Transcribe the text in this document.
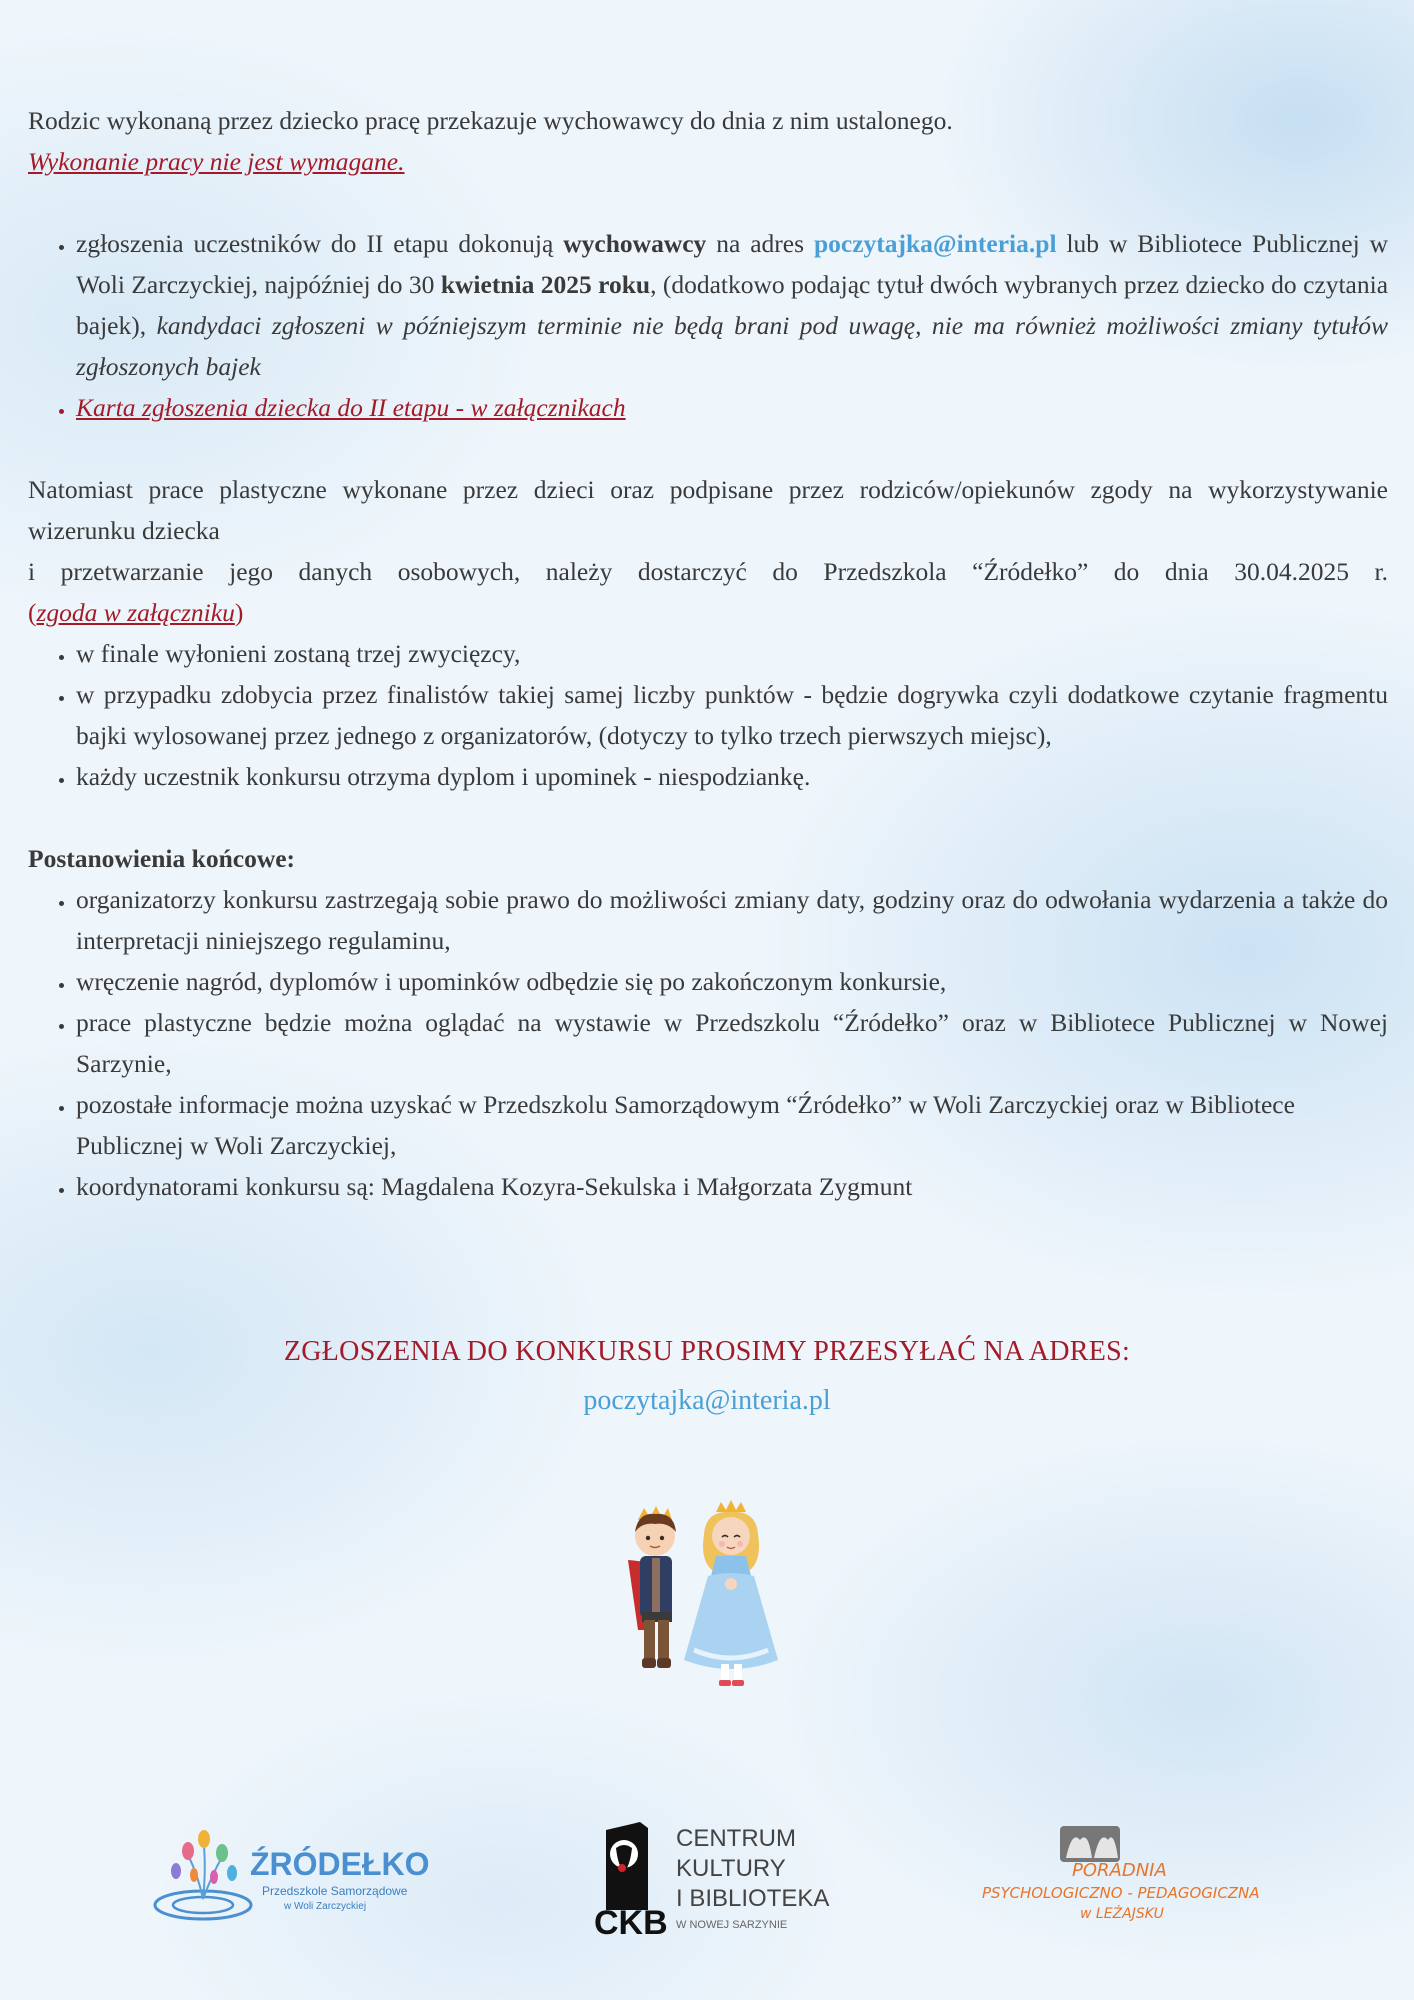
Rodzic wykonaną przez dziecko pracę przekazuje wychowawcy do dnia z nim ustalonego.

Wykonanie pracy nie jest wymagane.

• zgłoszenia uczestników do II etapu dokonują wychowawcy na adres poczytajka@interia.pl lub w Bibliotece Publicznej w Woli Zarczyckiej, najpóźniej do 30 kwietnia 2025 roku, (dodatkowo podając tytuł dwóch wybranych przez dziecko do czytania bajek), kandydaci zgłoszeni w późniejszym terminie nie będą brani pod uwagę, nie ma również możliwości zmiany tytułów zgłoszonych bajek
• Karta zgłoszenia dziecka do II etapu - w załącznikach

Natomiast prace plastyczne wykonane przez dzieci oraz podpisane przez rodziców/opiekunów zgody na wykorzystywanie wizerunku dziecka

i przetwarzanie jego danych osobowych, należy dostarczyć do Przedszkola “Źródełko” do dnia 30.04.2025 r.

(zgoda w załączniku)

• w finale wyłonieni zostaną trzej zwycięzcy,
• w przypadku zdobycia przez finalistów takiej samej liczby punktów - będzie dogrywka czyli dodatkowe czytanie fragmentu bajki wylosowanej przez jednego z organizatorów, (dotyczy to tylko trzech pierwszych miejsc),
• każdy uczestnik konkursu otrzyma dyplom i upominek - niespodziankę.

Postanowienia końcowe:

• organizatorzy konkursu zastrzegają sobie prawo do możliwości zmiany daty, godziny oraz do odwołania wydarzenia a także do interpretacji niniejszego regulaminu,
• wręczenie nagród, dyplomów i upominków odbędzie się po zakończonym konkursie,
• prace plastyczne będzie można oglądać na wystawie w Przedszkolu “Źródełko” oraz w Bibliotece Publicznej w Nowej Sarzynie,
• pozostałe informacje można uzyskać w Przedszkolu Samorządowym “Źródełko” w Woli Zarczyckiej oraz w Bibliotece Publicznej w Woli Zarczyckiej,
• koordynatorami konkursu są: Magdalena Kozyra-Sekulska i Małgorzata Zygmunt
ZGŁOSZENIA DO KONKURSU PROSIMY PRZESYŁAĆ NA ADRES:
poczytajka@interia.pl
ŹRÓDEŁKO
Przedszkole Samorządowe
w Woli Zarczyckiej	CKB
CENTRUM
KULTURY
I BIBLIOTEKA
W NOWEJ SARZYNIE
PORADNIA
PSYCHOLOGICZNO - PEDAGOGICZNA
w LEŻAJSKU
